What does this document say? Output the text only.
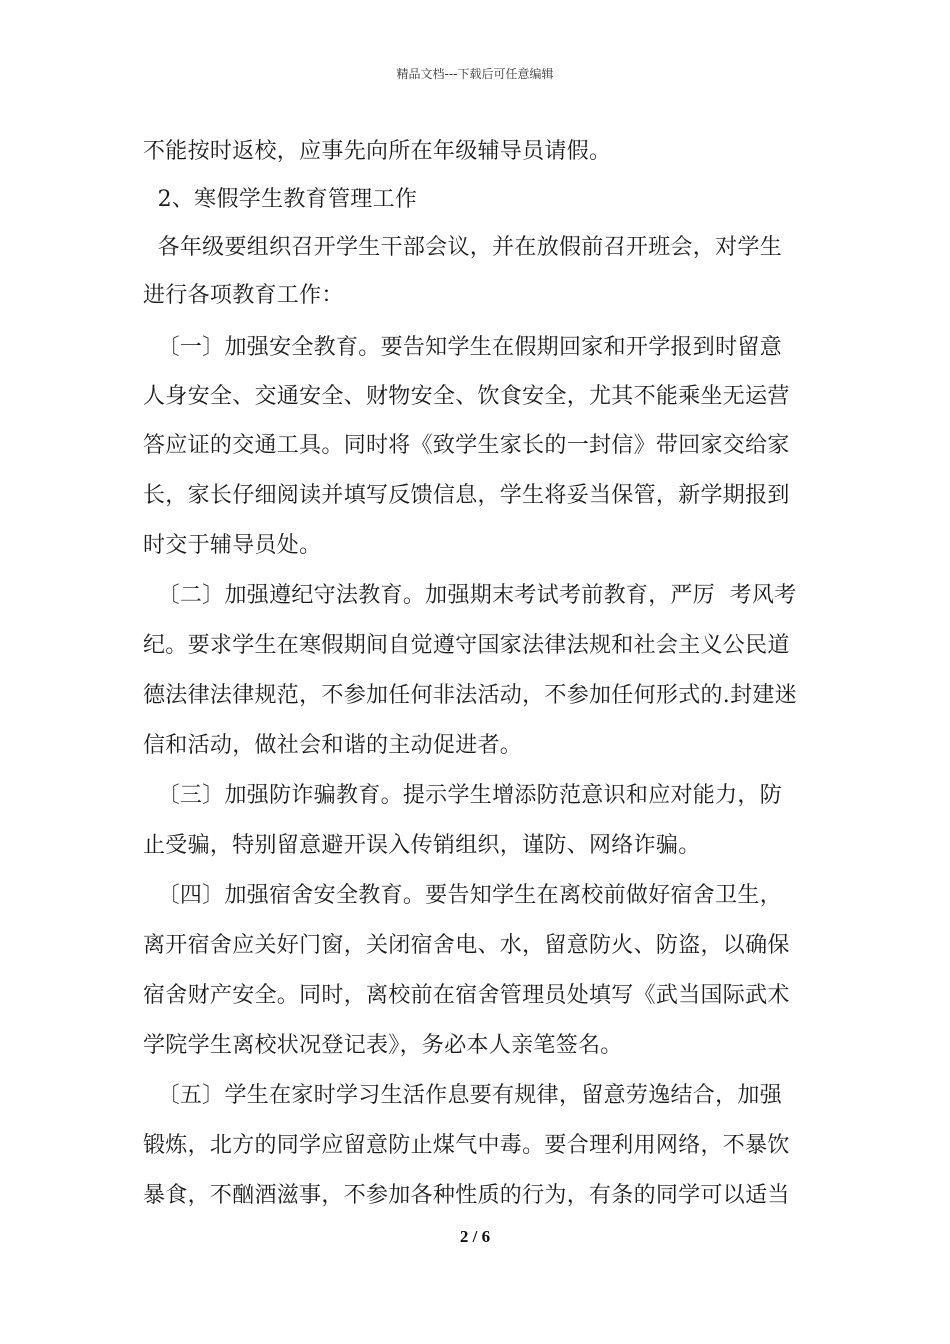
精品文档---下载后可任意编辑
不能按时返校，应事先向所在年级辅导员请假。
2、寒假学生教育管理工作
各年级要组织召开学生干部会议，并在放假前召开班会，对学生
进行各项教育工作：
〔一〕加强安全教育。要告知学生在假期回家和开学报到时留意
人身安全、交通安全、财物安全、饮食安全，尤其不能乘坐无运营
答应证的交通工具。同时将《致学生家长的一封信》带回家交给家
长，家长仔细阅读并填写反馈信息，学生将妥当保管，新学期报到
时交于辅导员处。
〔二〕加强遵纪守法教育。加强期末考试考前教育，严厉  考风考
纪。要求学生在寒假期间自觉遵守国家法律法规和社会主义公民道
德法律法律规范，不参加任何非法活动，不参加任何形式的.封建迷
信和活动，做社会和谐的主动促进者。
〔三〕加强防诈骗教育。提示学生增添防范意识和应对能力，防
止受骗，特别留意避开误入传销组织，谨防、网络诈骗。
〔四〕加强宿舍安全教育。要告知学生在离校前做好宿舍卫生，
离开宿舍应关好门窗，关闭宿舍电、水，留意防火、防盗，以确保
宿舍财产安全。同时，离校前在宿舍管理员处填写《武当国际武术
学院学生离校状况登记表》，务必本人亲笔签名。
〔五〕学生在家时学习生活作息要有规律，留意劳逸结合，加强
锻炼，北方的同学应留意防止煤气中毒。要合理利用网络，不暴饮
暴食，不酗酒滋事，不参加各种性质的行为，有条的同学可以适当
2 / 6
